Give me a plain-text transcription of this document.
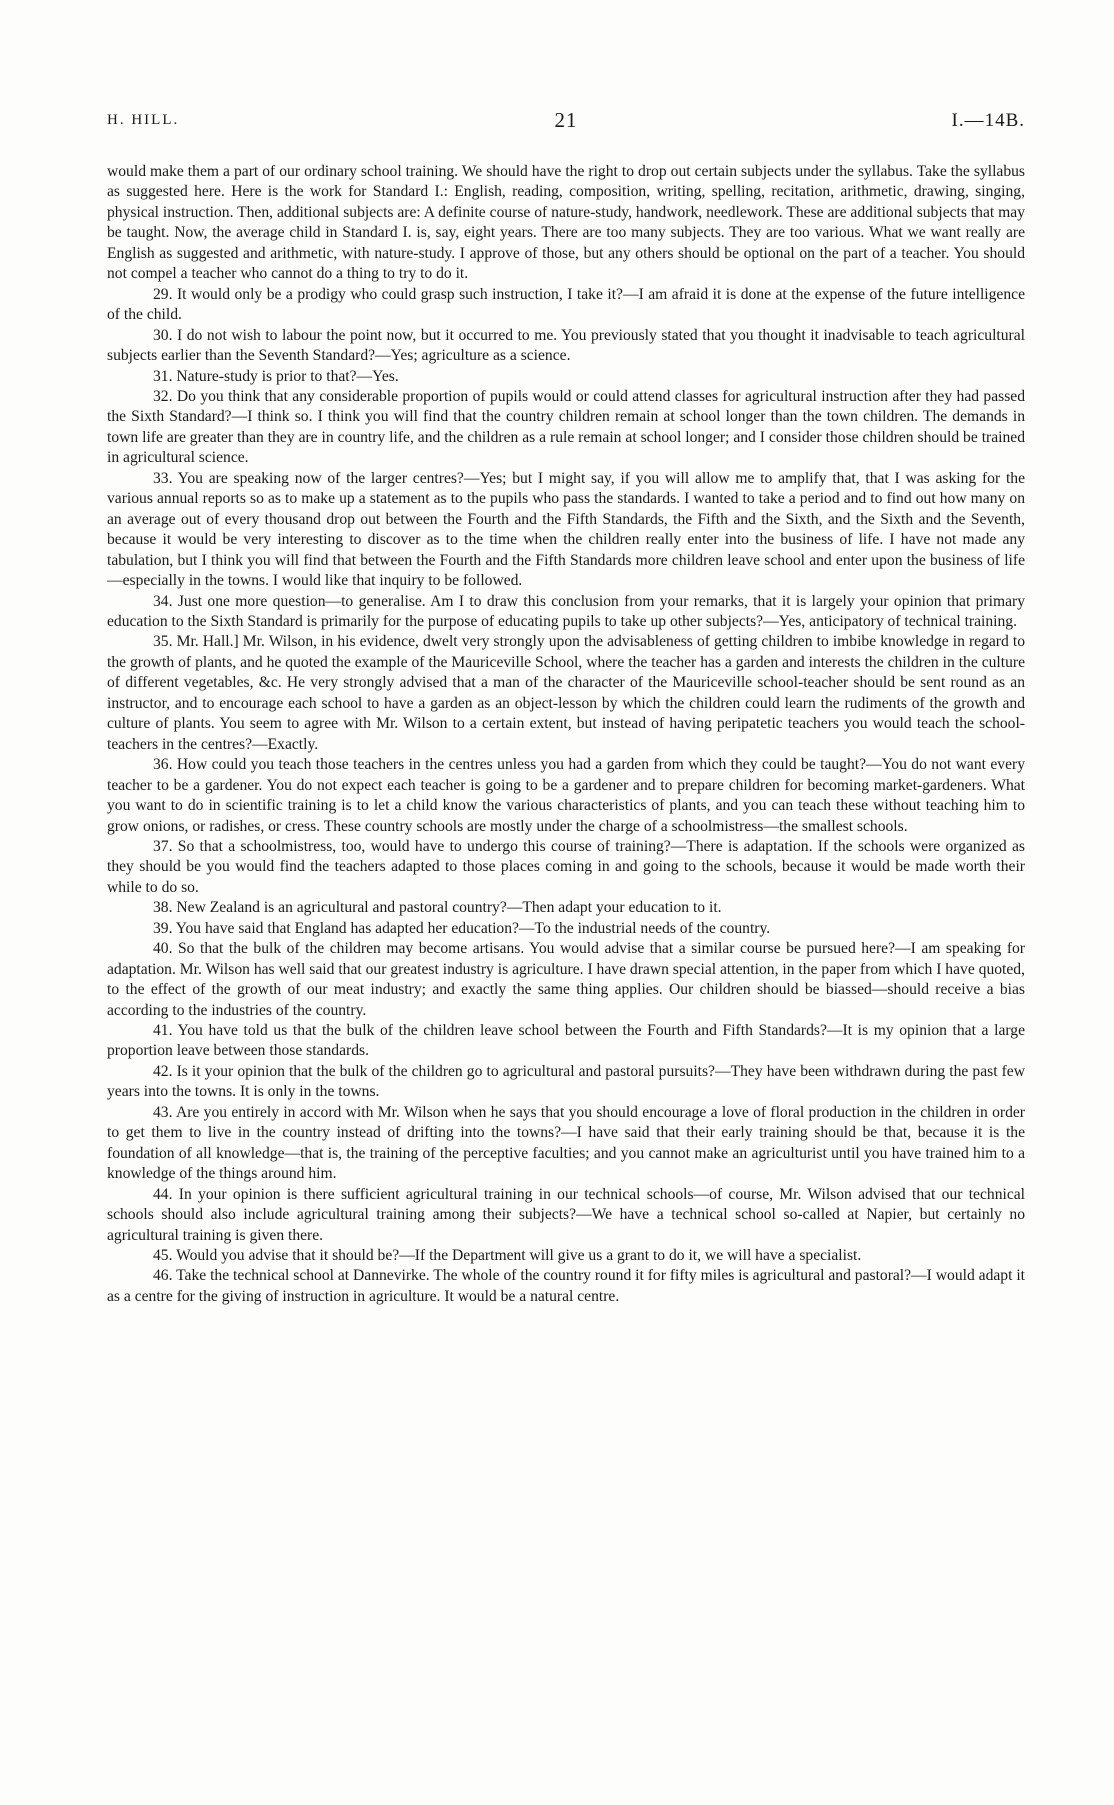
H. HILL.	21	I.—14B.

would make them a part of our ordinary school training. We should have the right to drop out certain subjects under the syllabus. Take the syllabus as suggested here. Here is the work for Standard I.: English, reading, composition, writing, spelling, recitation, arithmetic, drawing, singing, physical instruction. Then, additional subjects are: A definite course of nature-study, handwork, needlework. These are additional subjects that may be taught. Now, the average child in Standard I. is, say, eight years. There are too many subjects. They are too various. What we want really are English as suggested and arithmetic, with nature-study. I approve of those, but any others should be optional on the part of a teacher. You should not compel a teacher who cannot do a thing to try to do it.

29. It would only be a prodigy who could grasp such instruction, I take it?—I am afraid it is done at the expense of the future intelligence of the child.

30. I do not wish to labour the point now, but it occurred to me. You previously stated that you thought it inadvisable to teach agricultural subjects earlier than the Seventh Standard?—Yes; agriculture as a science.

31. Nature-study is prior to that?—Yes.

32. Do you think that any considerable proportion of pupils would or could attend classes for agricultural instruction after they had passed the Sixth Standard?—I think so. I think you will find that the country children remain at school longer than the town children. The demands in town life are greater than they are in country life, and the children as a rule remain at school longer; and I consider those children should be trained in agricultural science.

33. You are speaking now of the larger centres?—Yes; but I might say, if you will allow me to amplify that, that I was asking for the various annual reports so as to make up a statement as to the pupils who pass the standards. I wanted to take a period and to find out how many on an average out of every thousand drop out between the Fourth and the Fifth Standards, the Fifth and the Sixth, and the Sixth and the Seventh, because it would be very interesting to discover as to the time when the children really enter into the business of life. I have not made any tabulation, but I think you will find that between the Fourth and the Fifth Standards more children leave school and enter upon the business of life—especially in the towns. I would like that inquiry to be followed.

34. Just one more question—to generalise. Am I to draw this conclusion from your remarks, that it is largely your opinion that primary education to the Sixth Standard is primarily for the purpose of educating pupils to take up other subjects?—Yes, anticipatory of technical training.

35. Mr. Hall.] Mr. Wilson, in his evidence, dwelt very strongly upon the advisableness of getting children to imbibe knowledge in regard to the growth of plants, and he quoted the example of the Mauriceville School, where the teacher has a garden and interests the children in the culture of different vegetables, &c. He very strongly advised that a man of the character of the Mauriceville school-teacher should be sent round as an instructor, and to encourage each school to have a garden as an object-lesson by which the children could learn the rudiments of the growth and culture of plants. You seem to agree with Mr. Wilson to a certain extent, but instead of having peripatetic teachers you would teach the school-teachers in the centres?—Exactly.

36. How could you teach those teachers in the centres unless you had a garden from which they could be taught?—You do not want every teacher to be a gardener. You do not expect each teacher is going to be a gardener and to prepare children for becoming market-gardeners. What you want to do in scientific training is to let a child know the various characteristics of plants, and you can teach these without teaching him to grow onions, or radishes, or cress. These country schools are mostly under the charge of a schoolmistress—the smallest schools.

37. So that a schoolmistress, too, would have to undergo this course of training?—There is adaptation. If the schools were organized as they should be you would find the teachers adapted to those places coming in and going to the schools, because it would be made worth their while to do so.

38. New Zealand is an agricultural and pastoral country?—Then adapt your education to it.

39. You have said that England has adapted her education?—To the industrial needs of the country.

40. So that the bulk of the children may become artisans. You would advise that a similar course be pursued here?—I am speaking for adaptation. Mr. Wilson has well said that our greatest industry is agriculture. I have drawn special attention, in the paper from which I have quoted, to the effect of the growth of our meat industry; and exactly the same thing applies. Our children should be biassed—should receive a bias according to the industries of the country.

41. You have told us that the bulk of the children leave school between the Fourth and Fifth Standards?—It is my opinion that a large proportion leave between those standards.

42. Is it your opinion that the bulk of the children go to agricultural and pastoral pursuits?—They have been withdrawn during the past few years into the towns. It is only in the towns.

43. Are you entirely in accord with Mr. Wilson when he says that you should encourage a love of floral production in the children in order to get them to live in the country instead of drifting into the towns?—I have said that their early training should be that, because it is the foundation of all knowledge—that is, the training of the perceptive faculties; and you cannot make an agriculturist until you have trained him to a knowledge of the things around him.

44. In your opinion is there sufficient agricultural training in our technical schools—of course, Mr. Wilson advised that our technical schools should also include agricultural training among their subjects?—We have a technical school so-called at Napier, but certainly no agricultural training is given there.

45. Would you advise that it should be?—If the Department will give us a grant to do it, we will have a specialist.

46. Take the technical school at Dannevirke. The whole of the country round it for fifty miles is agricultural and pastoral?—I would adapt it as a centre for the giving of instruction in agriculture. It would be a natural centre.
